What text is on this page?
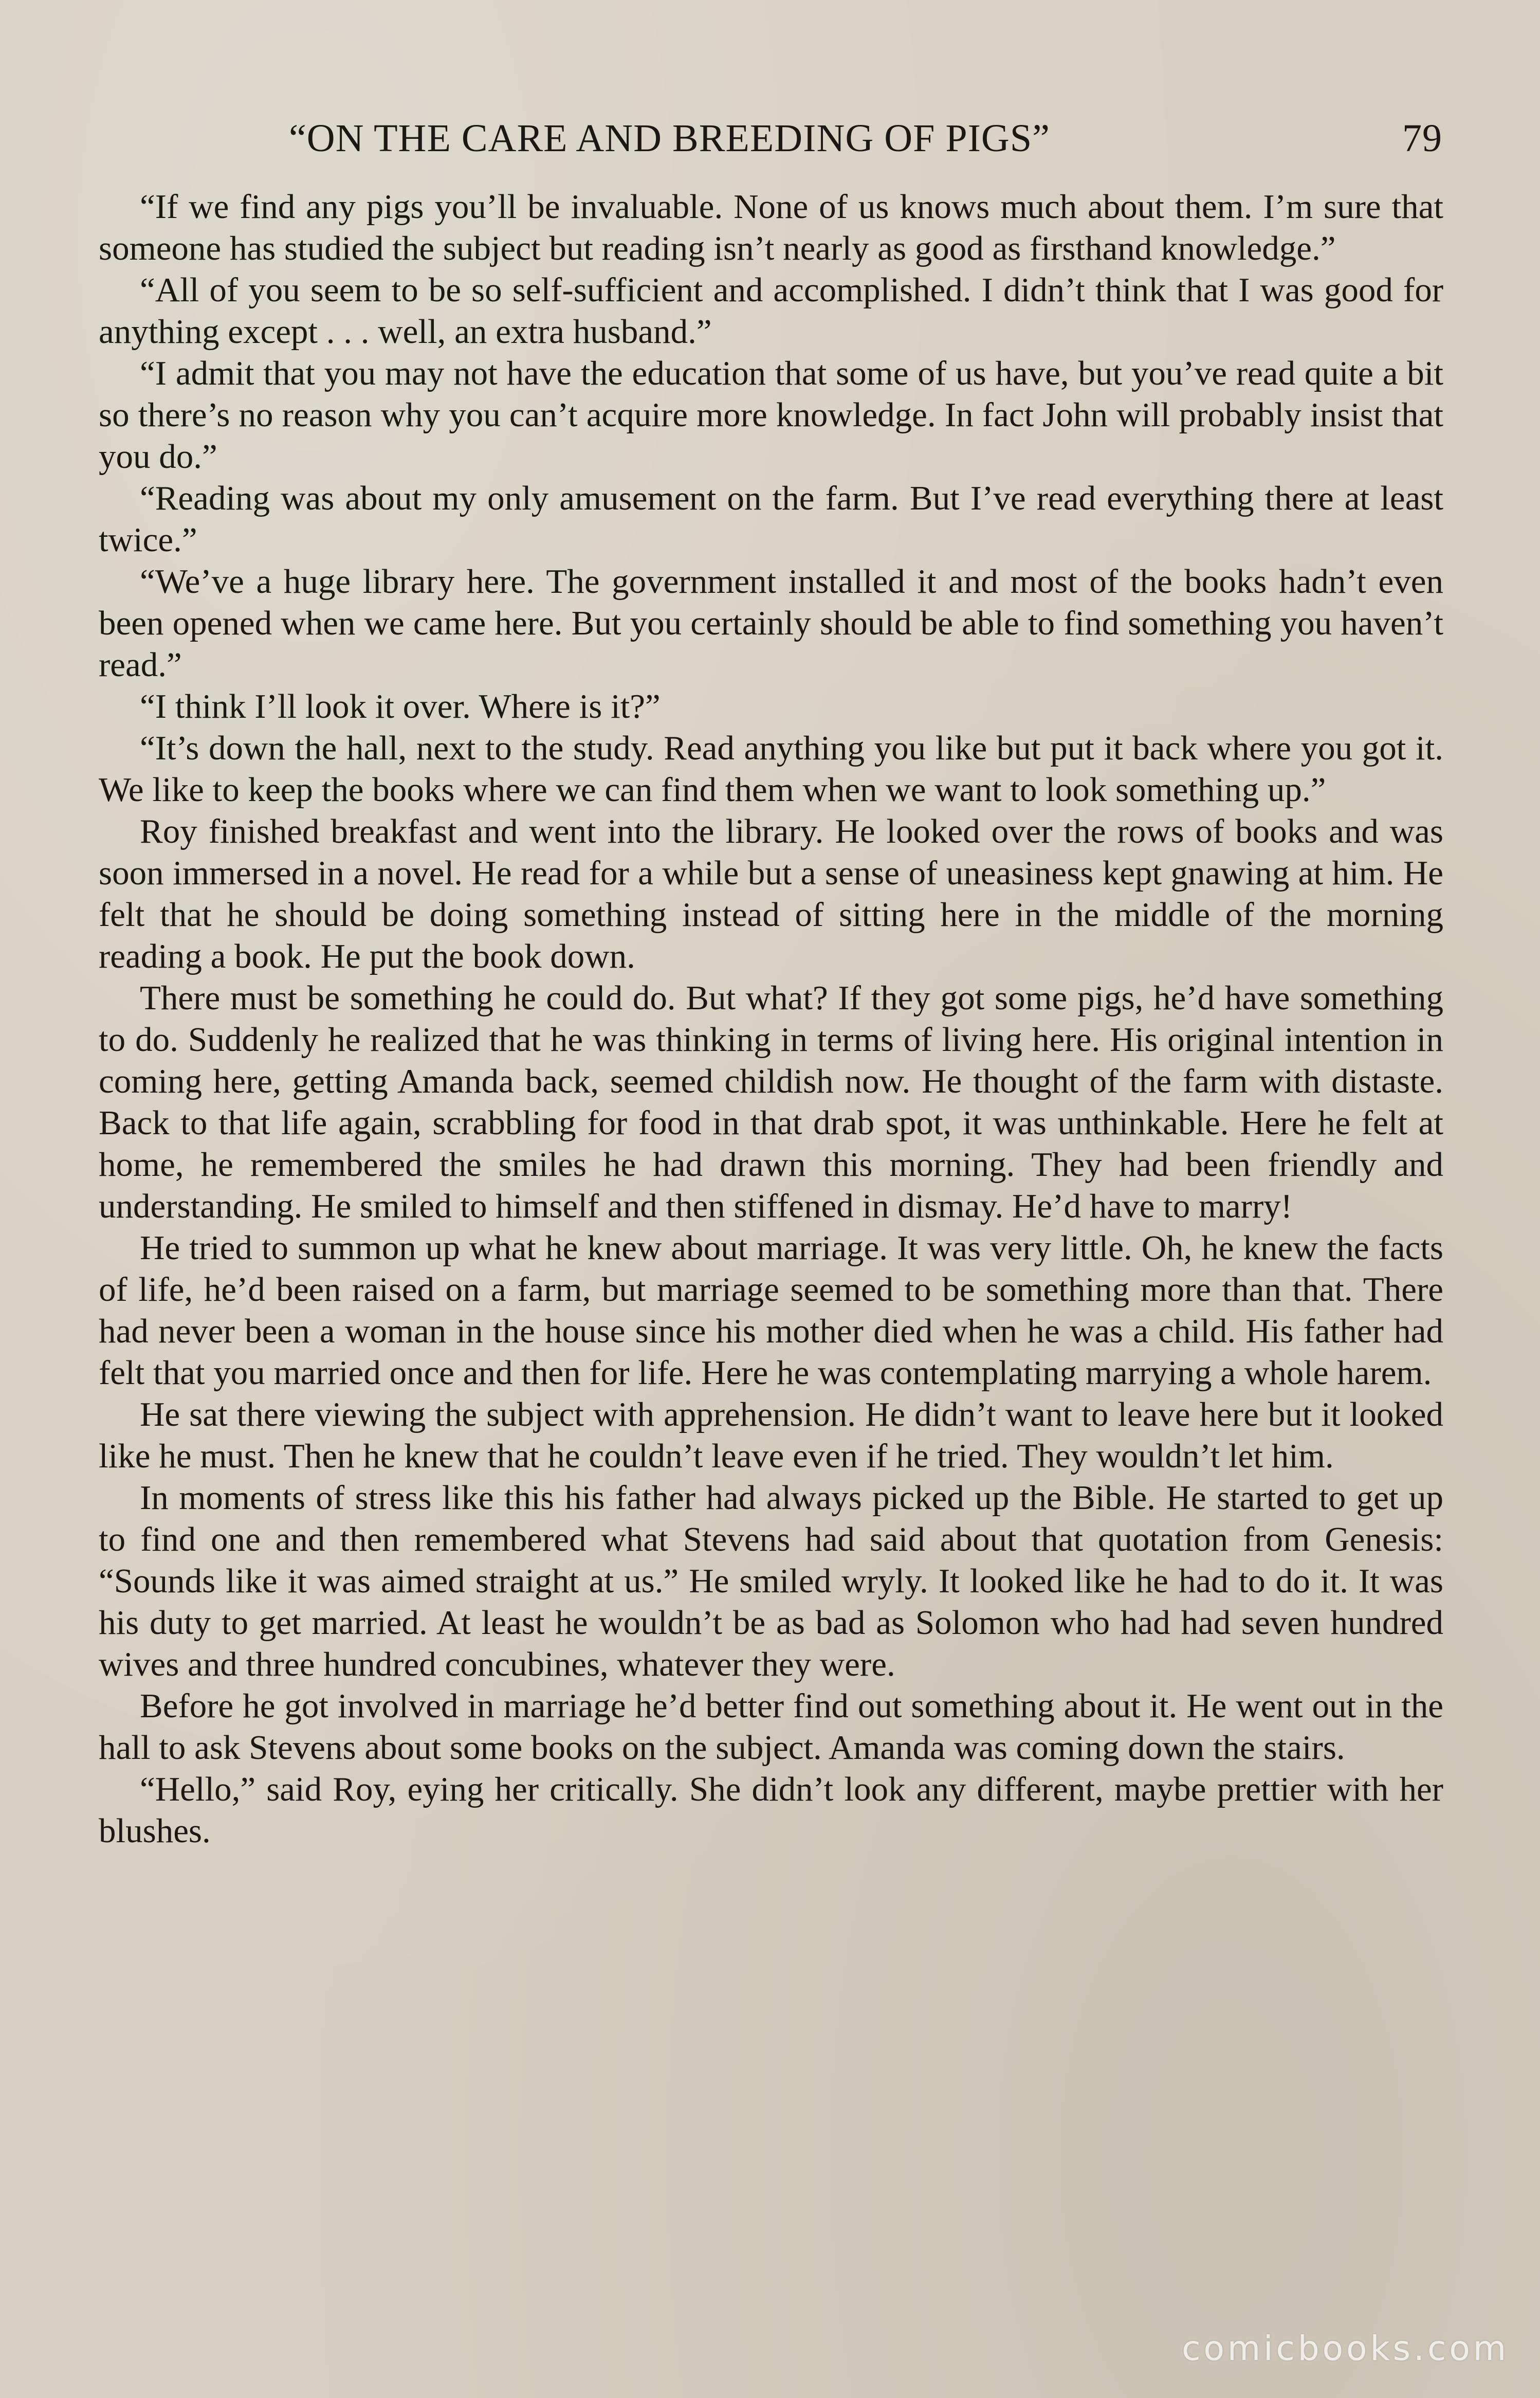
“ON THE CARE AND BREEDING OF PIGS”	79

“If we find any pigs you’ll be invaluable. None of us knows much about them. I’m sure that someone has studied the subject but reading isn’t nearly as good as firsthand knowledge.”

“All of you seem to be so self-sufficient and accomplished. I didn’t think that I was good for anything except . . . well, an extra husband.”

“I admit that you may not have the education that some of us have, but you’ve read quite a bit so there’s no reason why you can’t acquire more knowledge. In fact John will probably insist that you do.”

“Reading was about my only amusement on the farm. But I’ve read everything there at least twice.”

“We’ve a huge library here. The government installed it and most of the books hadn’t even been opened when we came here. But you certainly should be able to find something you haven’t read.”

“I think I’ll look it over. Where is it?”

“It’s down the hall, next to the study. Read anything you like but put it back where you got it. We like to keep the books where we can find them when we want to look something up.”

Roy finished breakfast and went into the library. He looked over the rows of books and was soon immersed in a novel. He read for a while but a sense of uneasiness kept gnawing at him. He felt that he should be doing something instead of sitting here in the middle of the morning reading a book. He put the book down.

There must be something he could do. But what? If they got some pigs, he’d have something to do. Suddenly he realized that he was thinking in terms of living here. His original intention in coming here, getting Amanda back, seemed childish now. He thought of the farm with distaste. Back to that life again, scrabbling for food in that drab spot, it was unthinkable. Here he felt at home, he remembered the smiles he had drawn this morning. They had been friendly and understanding. He smiled to himself and then stiffened in dismay. He’d have to marry!

He tried to summon up what he knew about marriage. It was very little. Oh, he knew the facts of life, he’d been raised on a farm, but marriage seemed to be something more than that. There had never been a woman in the house since his mother died when he was a child. His father had felt that you married once and then for life. Here he was contemplating marrying a whole harem.

He sat there viewing the subject with apprehension. He didn’t want to leave here but it looked like he must. Then he knew that he couldn’t leave even if he tried. They wouldn’t let him.

In moments of stress like this his father had always picked up the Bible. He started to get up to find one and then remembered what Stevens had said about that quotation from Genesis: “Sounds like it was aimed straight at us.” He smiled wryly. It looked like he had to do it. It was his duty to get married. At least he wouldn’t be as bad as Solomon who had had seven hundred wives and three hundred concubines, whatever they were.

Before he got involved in marriage he’d better find out something about it. He went out in the hall to ask Stevens about some books on the subject. Amanda was coming down the stairs.

“Hello,” said Roy, eying her critically. She didn’t look any different, maybe prettier with her blushes.

comicbooks.com
